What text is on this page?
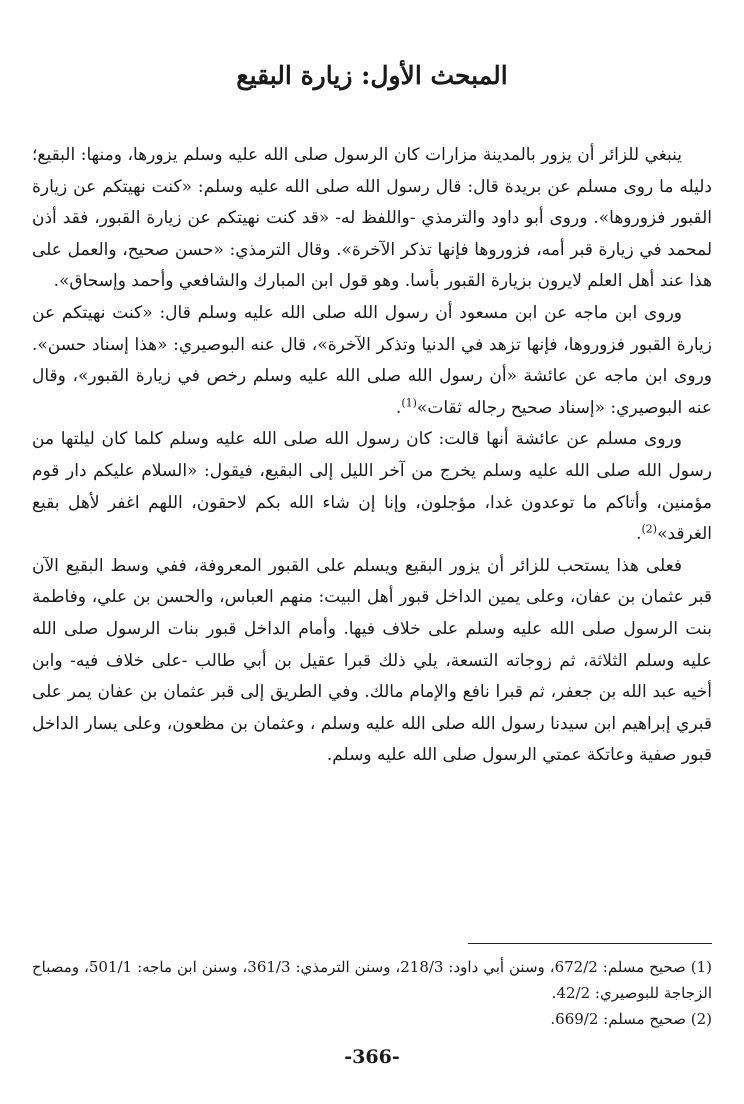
المبحث الأول: زيارة البقيع

ينبغي للزائر أن يزور بالمدينة مزارات كان الرسول صلى الله عليه وسلم يزورها، ومنها: البقيع؛ دليله ما روى مسلم عن بريدة قال: قال رسول الله صلى الله عليه وسلم: «كنت نهيتكم عن زيارة القبور فزوروها». وروى أبو داود والترمذي -واللفظ له- «قد كنت نهيتكم عن زيارة القبور، فقد أذن لمحمد في زيارة قبر أمه، فزوروها فإنها تذكر الآخرة». وقال الترمذي: «حسن صحيح، والعمل على هذا عند أهل العلم لايرون بزيارة القبور بأسا. وهو قول ابن المبارك والشافعي وأحمد وإسحاق».

وروى ابن ماجه عن ابن مسعود أن رسول الله صلى الله عليه وسلم قال: «كنت نهيتكم عن زيارة القبور فزوروها، فإنها تزهد في الدنيا وتذكر الآخرة»، قال عنه البوصيري: «هذا إسناد حسن». وروى ابن ماجه عن عائشة «أن رسول الله صلى الله عليه وسلم رخص في زيارة القبور»، وقال عنه البوصيري: «إسناد صحيح رجاله ثقات»$^{(1)}$.

وروى مسلم عن عائشة أنها قالت: كان رسول الله صلى الله عليه وسلم كلما كان ليلتها من رسول الله صلى الله عليه وسلم يخرج من آخر الليل إلى البقيع، فيقول: «السلام عليكم دار قوم مؤمنين، وأتاكم ما توعدون غدا، مؤجلون، وإنا إن شاء الله بكم لاحقون، اللهم اغفر لأهل بقيع الغرقد»$^{(2)}$.

فعلى هذا يستحب للزائر أن يزور البقيع ويسلم على القبور المعروفة، ففي وسط البقيع الآن قبر عثمان بن عفان، وعلى يمين الداخل قبور أهل البيت: منهم العباس، والحسن بن علي، وفاطمة بنت الرسول صلى الله عليه وسلم على خلاف فيها. وأمام الداخل قبور بنات الرسول صلى الله عليه وسلم الثلاثة، ثم زوجاته التسعة، يلي ذلك قبرا عقيل بن أبي طالب -على خلاف فيه- وابن أخيه عبد الله بن جعفر، ثم قبرا نافع والإمام مالك. وفي الطريق إلى قبر عثمان بن عفان يمر على قبري إبراهيم ابن سيدنا رسول الله صلى الله عليه وسلم ، وعثمان بن مظعون، وعلى يسار الداخل قبور صفية وعاتكة عمتي الرسول صلى الله عليه وسلم.

(1) صحيح مسلم: 672/2، وسنن أبي داود: 218/3، وسنن الترمذي: 361/3، وسنن ابن ماجه: 501/1، ومصباح الزجاجة للبوصيري: 42/2.

(2) صحيح مسلم: 669/2.

-366-
